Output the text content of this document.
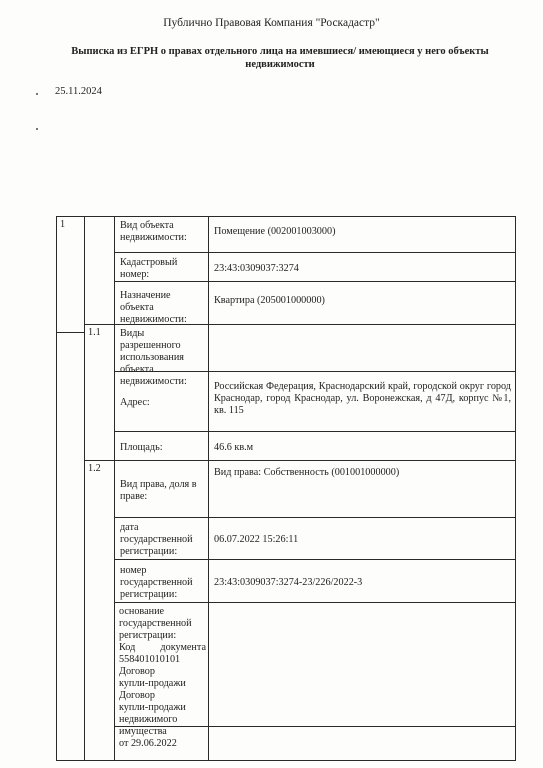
Публично Правовая Компания "Роскадастр"
Выписка из ЕГРН о правах отдельного лица на имевшиеся/ имеющиеся у него объекты
недвижимости
25.11.2024
1
1.1
1.2
Вид объекта недвижимости:
Помещение (002001003000)
Кадастровый номер:
23:43:0309037:3274
Назначение объекта недвижимости:
Квартира (205001000000)
Виды разрешенного использования объекта недвижимости:
Адрес:
Российская Федерация, Краснодарский край, городской округ город Краснодар, город Краснодар, ул. Воронежская, д 47Д, корпус №1, кв. 115
Площадь:	46.6 кв.м
Вид права, доля в праве:
Вид права: Собственность (001001000000)
дата государственной регистрации:
06.07.2022 15:26:11
номер государственной регистрации:
23:43:0309037:3274-23/226/2022-3
основание государственной регистрации:
Код документа
558401010101 Договор
купли-продажи Договор
купли-продажи
недвижимого имущества
от 29.06.2022
